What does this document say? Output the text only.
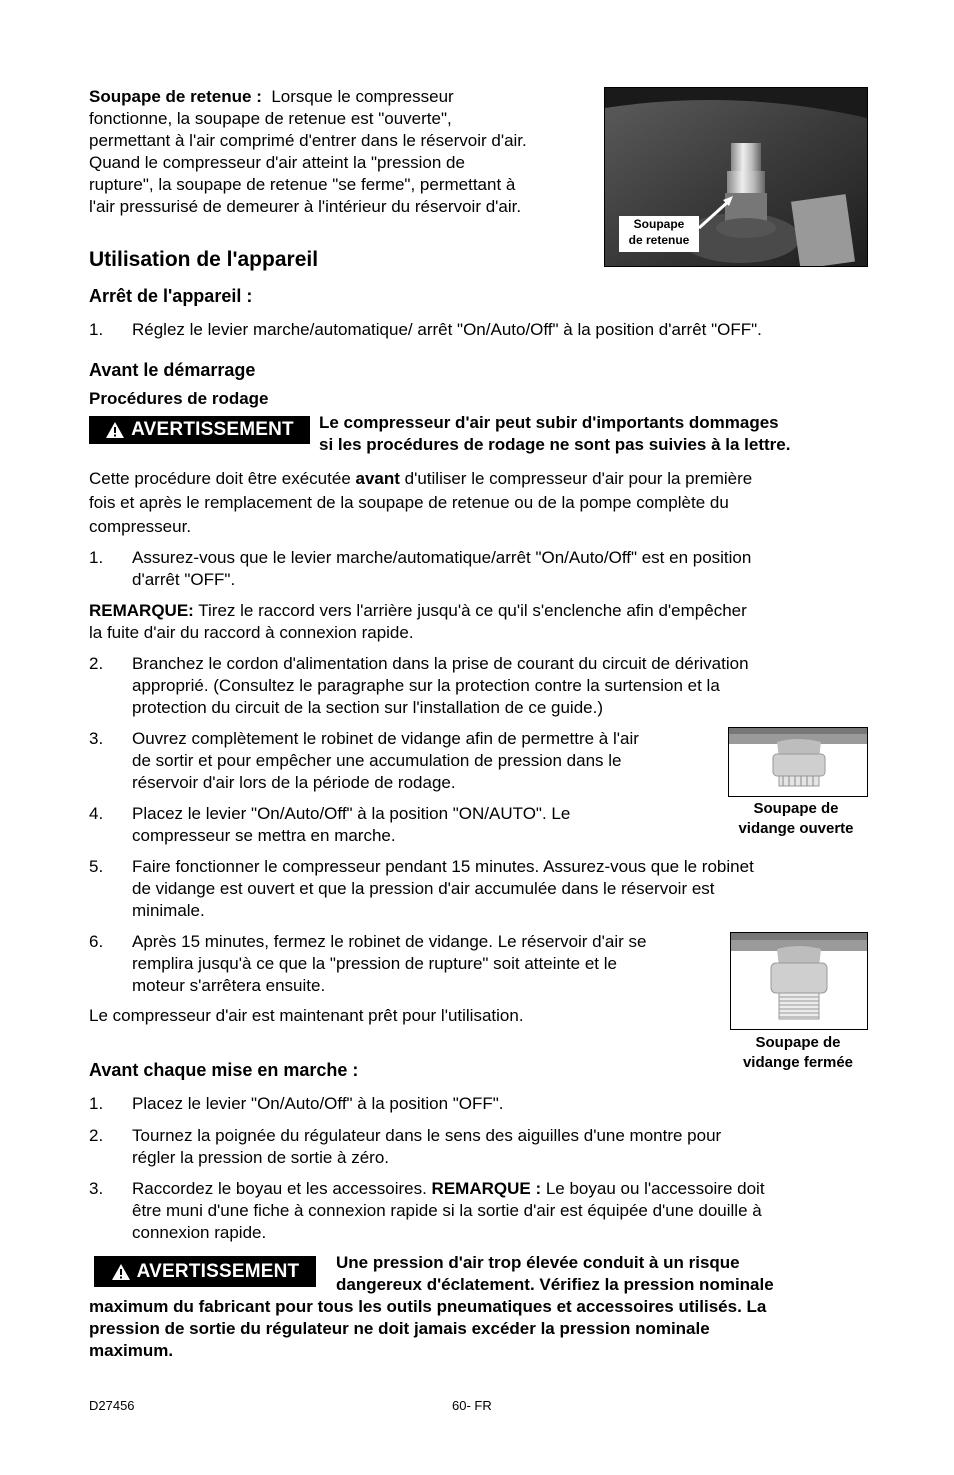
Soupape de retenue : Lorsque le compresseur

fonctionne, la soupape de retenue est "ouverte",

permettant à l'air comprimé d'entrer dans le réservoir d'air.

Quand le compresseur d'air atteint la "pression de

rupture", la soupape de retenue "se ferme", permettant à

l'air pressurisé de demeurer à l'intérieur du réservoir d'air.

Soupape
de retenue
Utilisation de l'appareil
Arrêt de l'appareil :
1. Réglez le levier marche/automatique/ arrêt "On/Auto/Off" à la position d'arrêt "OFF".
Avant le démarrage
Procédures de rodage
AVERTISSEMENT Le compresseur d'air peut subir d'importants dommages

si les procédures de rodage ne sont pas suivies à la lettre.

Cette procédure doit être exécutée avant d'utiliser le compresseur d'air pour la première

fois et après le remplacement de la soupape de retenue ou de la pompe complète du

compresseur.

1. Assurez-vous que le levier marche/automatique/arrêt "On/Auto/Off" est en position

d'arrêt "OFF".

REMARQUE: Tirez le raccord vers l'arrière jusqu'à ce qu'il s'enclenche afin d'empêcher

la fuite d'air du raccord à connexion rapide.

2. Branchez le cordon d'alimentation dans la prise de courant du circuit de dérivation

approprié. (Consultez le paragraphe sur la protection contre la surtension et la

protection du circuit de la section sur l'installation de ce guide.)

3. Ouvrez complètement le robinet de vidange afin de permettre à l'air

de sortir et pour empêcher une accumulation de pression dans le

réservoir d'air lors de la période de rodage.

4. Placez le levier "On/Auto/Off" à la position "ON/AUTO". Le

compresseur se mettra en marche.

5. Faire fonctionner le compresseur pendant 15 minutes. Assurez-vous que le robinet

de vidange est ouvert et que la pression d'air accumulée dans le réservoir est

minimale.

6. Après 15 minutes, fermez le robinet de vidange. Le réservoir d'air se

remplira jusqu'à ce que la "pression de rupture" soit atteinte et le

moteur s'arrêtera ensuite.

Le compresseur d'air est maintenant prêt pour l'utilisation.
Soupape de
vidange ouverte
Soupape de
vidange fermée
Avant chaque mise en marche :
1. Placez le levier "On/Auto/Off" à la position "OFF".

2. Tournez la poignée du régulateur dans le sens des aiguilles d'une montre pour

régler la pression de sortie à zéro.

3. Raccordez le boyau et les accessoires. REMARQUE : Le boyau ou l'accessoire doit

être muni d'une fiche à connexion rapide si la sortie d'air est équipée d'une douille à

connexion rapide.

AVERTISSEMENT Une pression d'air trop élevée conduit à un risque

dangereux d'éclatement. Vérifiez la pression nominale

maximum du fabricant pour tous les outils pneumatiques et accessoires utilisés. La

pression de sortie du régulateur ne doit jamais excéder la pression nominale

maximum.

D27456	60- FR
